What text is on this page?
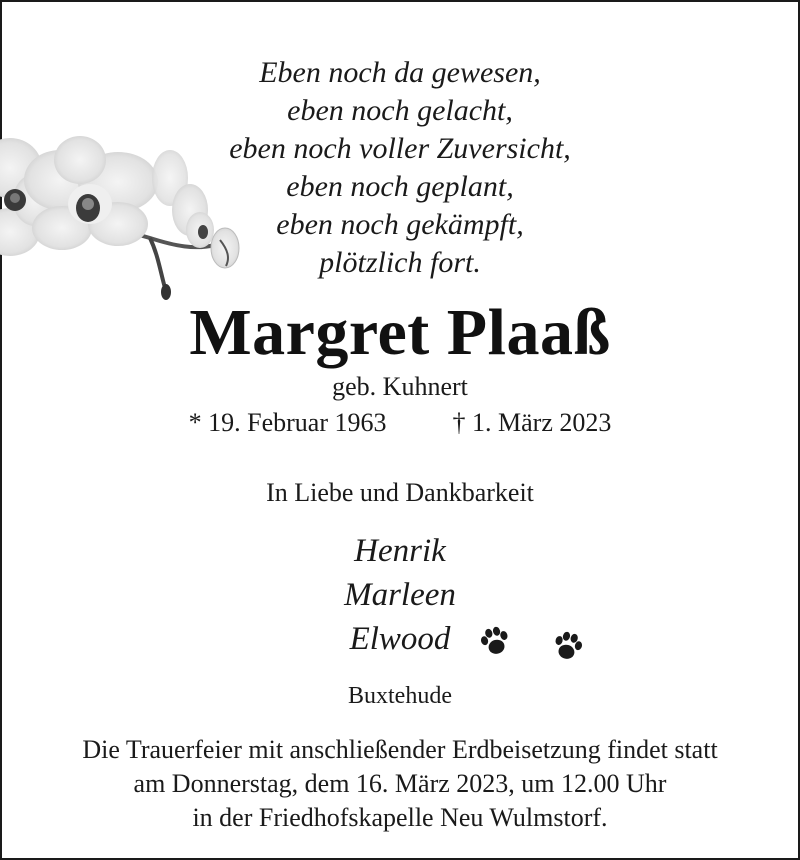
Eben noch da gewesen,
eben noch gelacht,
eben noch voller Zuversicht,
eben noch geplant,
eben noch gekämpft,
plötzlich fort.
Margret Plaaß
geb. Kuhnert
* 19. Februar 1963	† 1. März 2023
In Liebe und Dankbarkeit
Henrik
Marleen
Elwood
Buxtehude
Die Trauerfeier mit anschließender Erdbeisetzung findet statt
am Donnerstag, dem 16. März 2023, um 12.00 Uhr
in der Friedhofskapelle Neu Wulmstorf.
